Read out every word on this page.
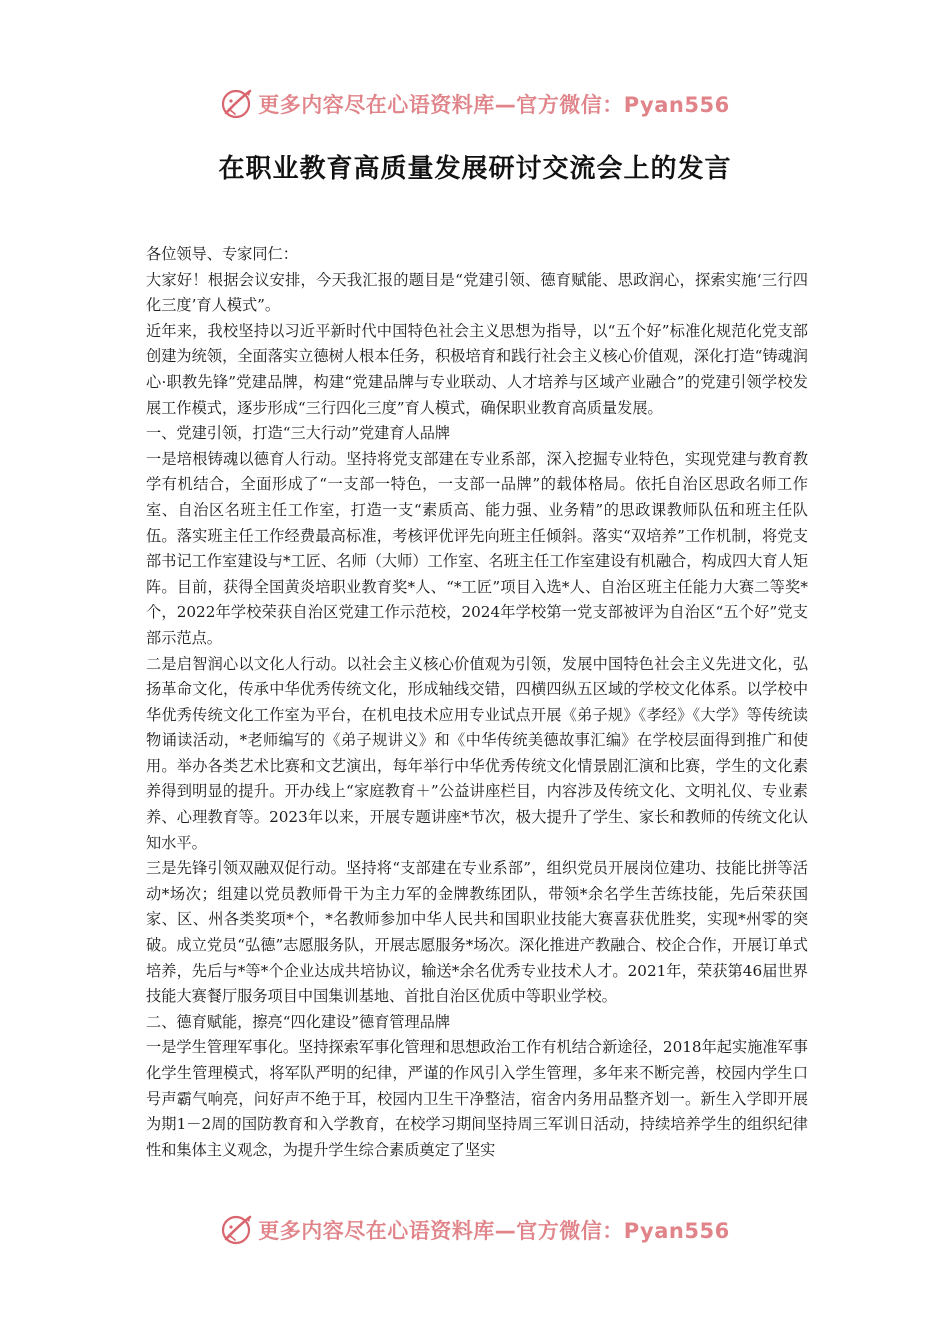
更多内容尽在心语资料库—官方微信：Pyan556
在职业教育高质量发展研讨交流会上的发言

各位领导、专家同仁：

大家好！根据会议安排，今天我汇报的题目是“党建引领、德育赋能、思政润心，探索实施‘三行四化三度’育人模式”。

近年来，我校坚持以习近平新时代中国特色社会主义思想为指导，以“五个好”标准化规范化党支部创建为统领，全面落实立德树人根本任务，积极培育和践行社会主义核心价值观，深化打造“铸魂润心·职教先锋”党建品牌，构建“党建品牌与专业联动、人才培养与区域产业融合”的党建引领学校发展工作模式，逐步形成“三行四化三度”育人模式，确保职业教育高质量发展。

一、党建引领，打造“三大行动”党建育人品牌

一是培根铸魂以德育人行动。坚持将党支部建在专业系部，深入挖掘专业特色，实现党建与教育教学有机结合，全面形成了“一支部一特色，一支部一品牌”的载体格局。依托自治区思政名师工作室、自治区名班主任工作室，打造一支“素质高、能力强、业务精”的思政课教师队伍和班主任队伍。落实班主任工作经费最高标准，考核评优评先向班主任倾斜。落实“双培养”工作机制，将党支部书记工作室建设与*工匠、名师（大师）工作室、名班主任工作室建设有机融合，构成四大育人矩阵。目前，获得全国黄炎培职业教育奖*人、“*工匠”项目入选*人、自治区班主任能力大赛二等奖*个，2022年学校荣获自治区党建工作示范校，2024年学校第一党支部被评为自治区“五个好”党支部示范点。

二是启智润心以文化人行动。以社会主义核心价值观为引领，发展中国特色社会主义先进文化，弘扬革命文化，传承中华优秀传统文化，形成轴线交错，四横四纵五区域的学校文化体系。以学校中华优秀传统文化工作室为平台，在机电技术应用专业试点开展《弟子规》《孝经》《大学》等传统读物诵读活动，*老师编写的《弟子规讲义》和《中华传统美德故事汇编》在学校层面得到推广和使用。举办各类艺术比赛和文艺演出，每年举行中华优秀传统文化情景剧汇演和比赛，学生的文化素养得到明显的提升。开办线上“家庭教育＋”公益讲座栏目，内容涉及传统文化、文明礼仪、专业素养、心理教育等。2023年以来，开展专题讲座*节次，极大提升了学生、家长和教师的传统文化认知水平。

三是先锋引领双融双促行动。坚持将“支部建在专业系部”，组织党员开展岗位建功、技能比拼等活动*场次；组建以党员教师骨干为主力军的金牌教练团队，带领*余名学生苦练技能，先后荣获国家、区、州各类奖项*个，*名教师参加中华人民共和国职业技能大赛喜获优胜奖，实现*州零的突破。成立党员“弘德”志愿服务队，开展志愿服务*场次。深化推进产教融合、校企合作，开展订单式培养，先后与*等*个企业达成共培协议，输送*余名优秀专业技术人才。2021年，荣获第46届世界技能大赛餐厅服务项目中国集训基地、首批自治区优质中等职业学校。

二、德育赋能，擦亮“四化建设”德育管理品牌

一是学生管理军事化。坚持探索军事化管理和思想政治工作有机结合新途径，2018年起实施准军事化学生管理模式，将军队严明的纪律，严谨的作风引入学生管理，多年来不断完善，校园内学生口号声霸气响亮，问好声不绝于耳，校园内卫生干净整洁，宿舍内务用品整齐划一。新生入学即开展为期1－2周的国防教育和入学教育，在校学习期间坚持周三军训日活动，持续培养学生的组织纪律性和集体主义观念，为提升学生综合素质奠定了坚实

更多内容尽在心语资料库—官方微信：Pyan556
